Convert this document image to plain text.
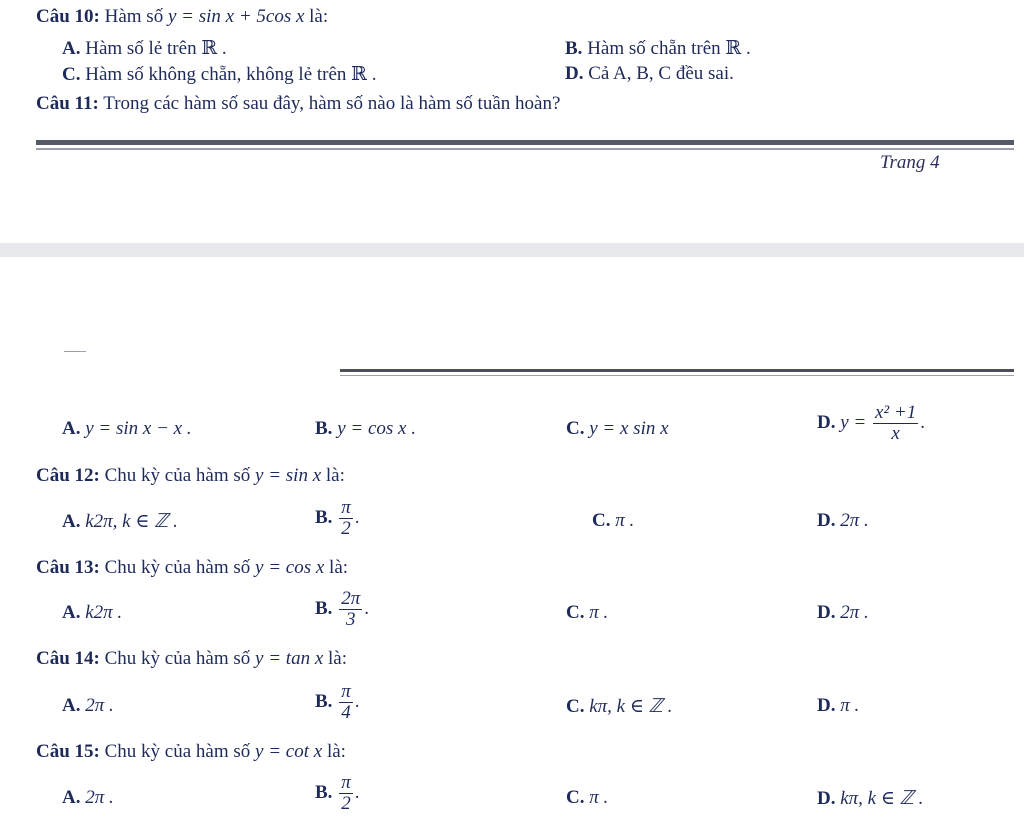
Câu 10: Hàm số y = sin x + 5cos x là:
A. Hàm số lẻ trên ℝ .	B. Hàm số chẵn trên ℝ .
C. Hàm số không chẵn, không lẻ trên ℝ .	D. Cả A, B, C đều sai.
Câu 11: Trong các hàm số sau đây, hàm số nào là hàm số tuần hoàn?
Trang 4
A. y = sin x − x .	B. y = cos x .	C. y = x sin x	D. $y = \frac{\text{x² +1}}{x}$ .
Câu 12: Chu kỳ của hàm số y = sin x là:
A. k2π, k ∈ ℤ .	B. $\frac{\pi}{2}$ .	C. π .	D. 2π .
Câu 13: Chu kỳ của hàm số y = cos x là:
A. k2π .	B. $\frac{2\pi}{3}$ .	C. π .	D. 2π .
Câu 14: Chu kỳ của hàm số y = tan x là:
A. 2π .	B. $\frac{\pi}{4}$ .	C. kπ, k ∈ ℤ .	D. π .
Câu 15: Chu kỳ của hàm số y = cot x là:
A. 2π .	B. $\frac{\pi}{2}$ .	C. π .	D. kπ, k ∈ ℤ .
